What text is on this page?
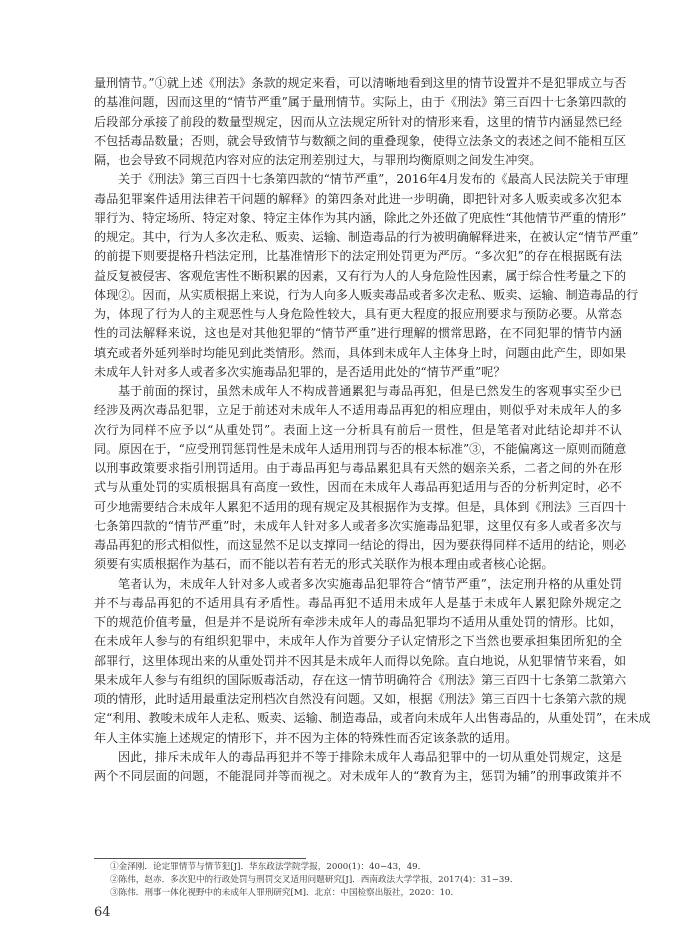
量刑情节。”①就上述《刑法》条款的规定来看，可以清晰地看到这里的情节设置并不是犯罪成立与否
的基准问题，因而这里的“情节严重”属于量刑情节。实际上，由于《刑法》第三百四十七条第四款的
后段部分承接了前段的数量型规定，因而从立法规定所针对的情形来看，这里的情节内涵显然已经
不包括毒品数量；否则，就会导致情节与数额之间的重叠现象，使得立法条文的表述之间不能相互区
隔，也会导致不同规范内容对应的法定刑差别过大，与罪刑均衡原则之间发生冲突。
关于《刑法》第三百四十七条第四款的“情节严重”，2016年4月发布的《最高人民法院关于审理
毒品犯罪案件适用法律若干问题的解释》的第四条对此进一步明确，即把针对多人贩卖或多次犯本
罪行为、特定场所、特定对象、特定主体作为其内涵，除此之外还做了兜底性“其他情节严重的情形”
的规定。其中，行为人多次走私、贩卖、运输、制造毒品的行为被明确解释进来，在被认定“情节严重”
的前提下则要提格升档法定刑，比基准情形下的法定刑处罚更为严厉。“多次犯”的存在根据既有法
益反复被侵害、客观危害性不断积累的因素，又有行为人的人身危险性因素，属于综合性考量之下的
体现②。因而，从实质根据上来说，行为人向多人贩卖毒品或者多次走私、贩卖、运输、制造毒品的行
为，体现了行为人的主观恶性与人身危险性较大，具有更大程度的报应刑要求与预防必要。从常态
性的司法解释来说，这也是对其他犯罪的“情节严重”进行理解的惯常思路，在不同犯罪的情节内涵
填充或者外延列举时均能见到此类情形。然而，具体到未成年人主体身上时，问题由此产生，即如果
未成年人针对多人或者多次实施毒品犯罪的，是否适用此处的“情节严重”呢？
基于前面的探讨，虽然未成年人不构成普通累犯与毒品再犯，但是已然发生的客观事实至少已
经涉及两次毒品犯罪，立足于前述对未成年人不适用毒品再犯的相应理由，则似乎对未成年人的多
次行为同样不应予以“从重处罚”。表面上这一分析具有前后一贯性，但是笔者对此结论却并不认
同。原因在于，“应受刑罚惩罚性是未成年人适用刑罚与否的根本标准”③，不能偏离这一原则而随意
以刑事政策要求指引刑罚适用。由于毒品再犯与毒品累犯具有天然的姻亲关系，二者之间的外在形
式与从重处罚的实质根据具有高度一致性，因而在未成年人毒品再犯适用与否的分析判定时，必不
可少地需要结合未成年人累犯不适用的现有规定及其根据作为支撑。但是，具体到《刑法》三百四十
七条第四款的“情节严重”时，未成年人针对多人或者多次实施毒品犯罪，这里仅有多人或者多次与
毒品再犯的形式相似性，而这显然不足以支撑同一结论的得出，因为要获得同样不适用的结论，则必
须要有实质根据作为基石，而不能以若有若无的形式关联作为根本理由或者核心论据。
笔者认为，未成年人针对多人或者多次实施毒品犯罪符合“情节严重”，法定刑升格的从重处罚
并不与毒品再犯的不适用具有矛盾性。毒品再犯不适用未成年人是基于未成年人累犯除外规定之
下的规范价值考量，但是并不是说所有牵涉未成年人的毒品犯罪均不适用从重处罚的情形。比如，
在未成年人参与的有组织犯罪中，未成年人作为首要分子认定情形之下当然也要承担集团所犯的全
部罪行，这里体现出来的从重处罚并不因其是未成年人而得以免除。直白地说，从犯罪情节来看，如
果未成年人参与有组织的国际贩毒活动，存在这一情节明确符合《刑法》第三百四十七条第二款第六
项的情形，此时适用最重法定刑档次自然没有问题。又如，根据《刑法》第三百四十七条第六款的规
定“利用、教唆未成年人走私、贩卖、运输、制造毒品，或者向未成年人出售毒品的，从重处罚”，在未成
年人主体实施上述规定的情形下，并不因为主体的特殊性而否定该条款的适用。
因此，排斥未成年人的毒品再犯并不等于排除未成年人毒品犯罪中的一切从重处罚规定，这是
两个不同层面的问题，不能混同并等而视之。对未成年人的“教育为主，惩罚为辅”的刑事政策并不
①金泽刚．论定罪情节与情节犯[J]．华东政法学院学报，2000(1)：40−43，49．
②陈伟，赵赤．多次犯中的行政处罚与刑罚交叉适用问题研究[J]．西南政法大学学报，2017(4)：31−39．
③陈伟．刑事一体化视野中的未成年人罪刑研究[M]．北京：中国检察出版社，2020：10．
64
